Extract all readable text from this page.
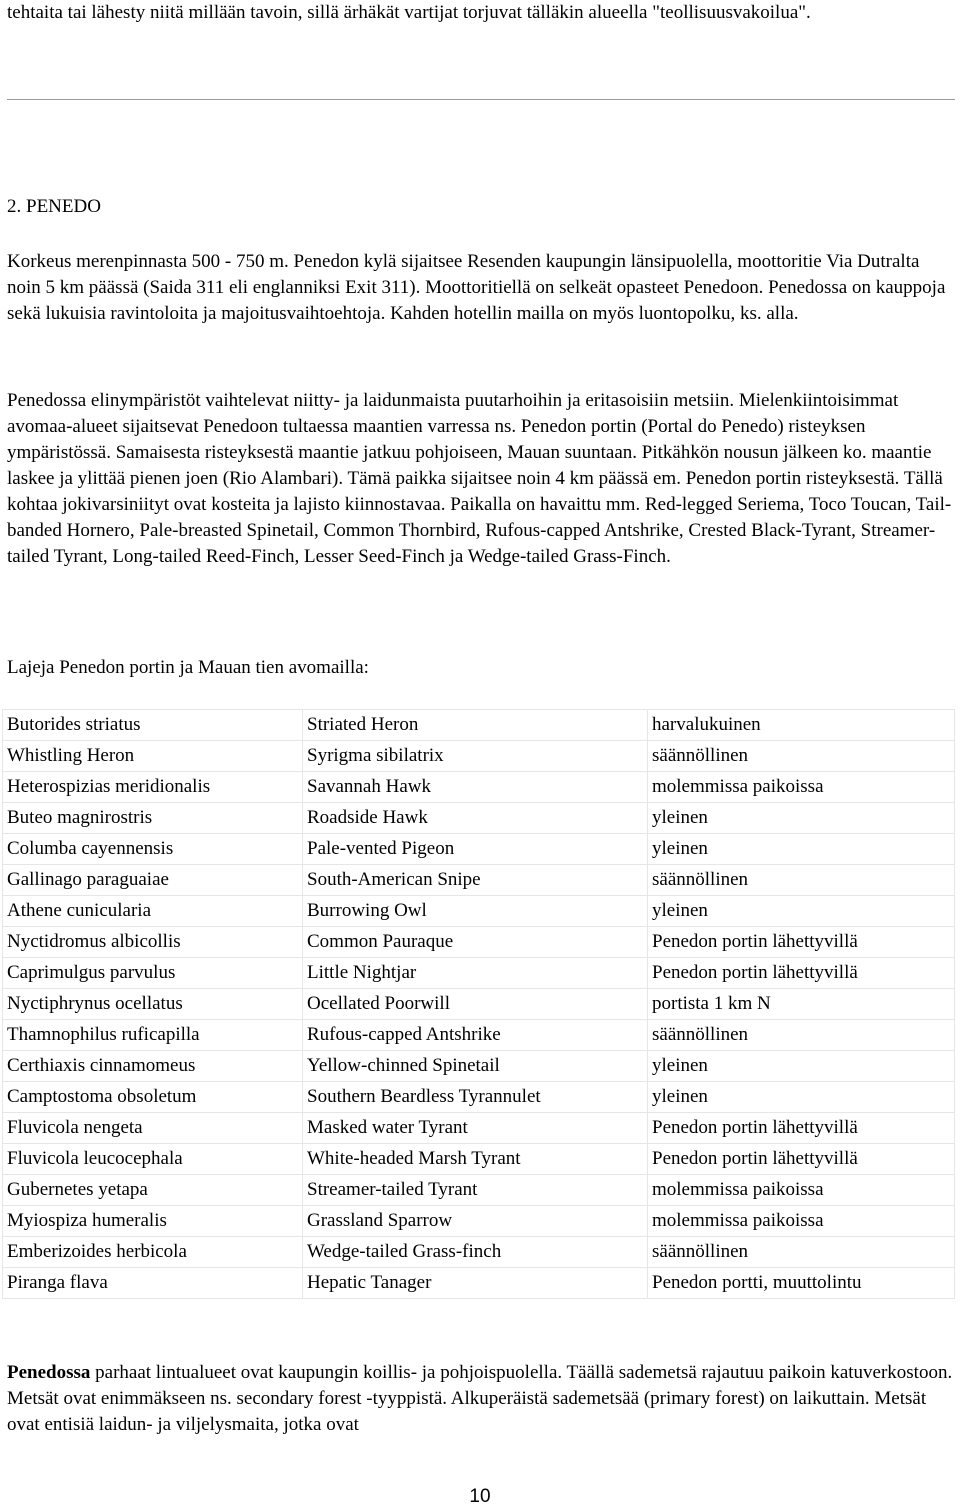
tehtaita tai lähesty niitä millään tavoin, sillä ärhäkät vartijat torjuvat tälläkin alueella "teollisuusvakoilua".

2. PENEDO

Korkeus merenpinnasta 500 - 750 m. Penedon kylä sijaitsee Resenden kaupungin länsipuolella, moottoritie Via Dutralta noin 5 km päässä (Saida 311 eli englanniksi Exit 311). Moottoritiellä on selkeät opasteet Penedoon. Penedossa on kauppoja sekä lukuisia ravintoloita ja majoitusvaihtoehtoja. Kahden hotellin mailla on myös luontopolku, ks. alla.

Penedossa elinympäristöt vaihtelevat niitty- ja laidunmaista puutarhoihin ja eritasoisiin metsiin. Mielenkiintoisimmat avomaa-alueet sijaitsevat Penedoon tultaessa maantien varressa ns. Penedon portin (Portal do Penedo) risteyksen ympäristössä. Samaisesta risteyksestä maantie jatkuu pohjoiseen, Mauan suuntaan. Pitkähkön nousun jälkeen ko. maantie laskee ja ylittää pienen joen (Rio Alambari). Tämä paikka sijaitsee noin 4 km päässä em. Penedon portin risteyksestä. Tällä kohtaa jokivarsiniityt ovat kosteita ja lajisto kiinnostavaa. Paikalla on havaittu mm. Red-legged Seriema, Toco Toucan, Tail-banded Hornero, Pale-breasted Spinetail, Common Thornbird, Rufous-capped Antshrike, Crested Black-Tyrant, Streamer-tailed Tyrant, Long-tailed Reed-Finch, Lesser Seed-Finch ja Wedge-tailed Grass-Finch.

Lajeja Penedon portin ja Mauan tien avomailla:

Butorides striatus	Striated Heron	harvalukuinen
Whistling Heron	Syrigma sibilatrix	säännöllinen
Heterospizias meridionalis	Savannah Hawk	molemmissa paikoissa
Buteo magnirostris	Roadside Hawk	yleinen
Columba cayennensis	Pale-vented Pigeon	yleinen
Gallinago paraguaiae	South-American Snipe	säännöllinen
Athene cunicularia	Burrowing Owl	yleinen
Nyctidromus albicollis	Common Pauraque	Penedon portin lähettyvillä
Caprimulgus parvulus	Little Nightjar	Penedon portin lähettyvillä
Nyctiphrynus ocellatus	Ocellated Poorwill	portista 1 km N
Thamnophilus ruficapilla	Rufous-capped Antshrike	säännöllinen
Certhiaxis cinnamomeus	Yellow-chinned Spinetail	yleinen
Camptostoma obsoletum	Southern Beardless Tyrannulet	yleinen
Fluvicola nengeta	Masked water Tyrant	Penedon portin lähettyvillä
Fluvicola leucocephala	White-headed Marsh Tyrant	Penedon portin lähettyvillä
Gubernetes yetapa	Streamer-tailed Tyrant	molemmissa paikoissa
Myiospiza humeralis	Grassland Sparrow	molemmissa paikoissa
Emberizoides herbicola	Wedge-tailed Grass-finch	säännöllinen
Piranga flava	Hepatic Tanager	Penedon portti, muuttolintu

Penedossa parhaat lintualueet ovat kaupungin koillis- ja pohjoispuolella. Täällä sademetsä rajautuu paikoin katuverkostoon. Metsät ovat enimmäkseen ns. secondary forest -tyyppistä. Alkuperäistä sademetsää (primary forest) on laikuttain. Metsät ovat entisiä laidun- ja viljelysmaita, jotka ovat

10
